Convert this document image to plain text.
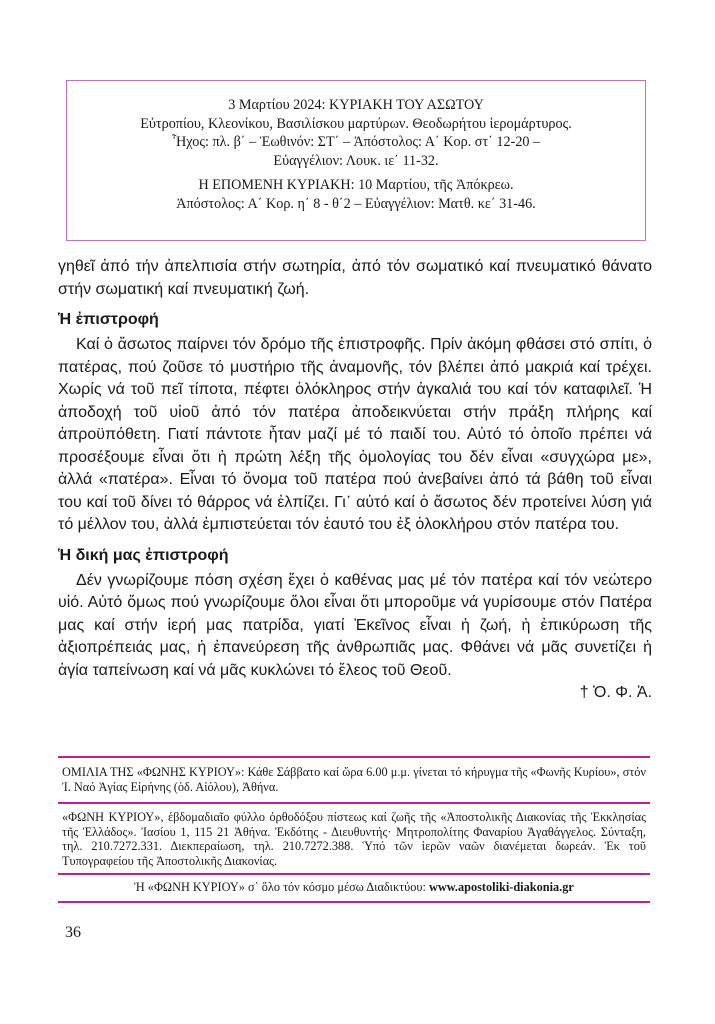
3 Μαρτίου 2024: ΚΥΡΙΑΚΗ ΤΟΥ ΑΣΩΤΟΥ
Εὐτροπίου, Κλεονίκου, Βασιλίσκου μαρτύρων. Θεοδωρήτου ἱερομάρτυρος.
Ἦχος: πλ. β΄ – Ἑωθινόν: ΣΤ΄ – Ἀπόστολος: Α΄ Κορ. στ΄ 12-20 –
Εὐαγγέλιον: Λουκ. ιε΄ 11-32.
Η ΕΠΟΜΕΝΗ ΚΥΡΙΑΚΗ: 10 Μαρτίου, τῆς Ἀπόκρεω.
Ἀπόστολος: Α΄ Κορ. η΄ 8 - θ΄2 – Εὐαγγέλιον: Ματθ. κε΄ 31-46.

γηθεῖ ἀπό τήν ἀπελπισία στήν σωτηρία, ἀπό τόν σωματικό καί πνευματικό θάνατο στήν σωματική καί πνευματική ζωή.

Ἡ ἐπιστροφή

Καί ὁ ἄσωτος παίρνει τόν δρόμο τῆς ἐπιστροφῆς. Πρίν ἀκόμη φθάσει στό σπίτι, ὁ πατέρας, πού ζοῦσε τό μυστήριο τῆς ἀναμονῆς, τόν βλέπει ἀπό μακριά καί τρέχει. Χωρίς νά τοῦ πεῖ τίποτα, πέφτει ὁλόκληρος στήν ἀγκαλιά του καί τόν καταφιλεῖ. Ἡ ἀποδοχή τοῦ υἱοῦ ἀπό τόν πατέρα ἀποδεικνύεται στήν πράξη πλήρης καί ἀπροϋπόθετη. Γιατί πάντοτε ἦταν μαζί μέ τό παιδί του. Αὐτό τό ὁποῖο πρέπει νά προσέξουμε εἶναι ὅτι ἡ πρώτη λέξη τῆς ὁμολογίας του δέν εἶναι «συγχώρα με», ἀλλά «πατέρα». Εἶναι τό ὄνομα τοῦ πατέρα πού ἀνεβαίνει ἀπό τά βάθη τοῦ εἶναι του καί τοῦ δίνει τό θάρρος νά ἐλπίζει. Γι᾽ αὐτό καί ὁ ἄσωτος δέν προτείνει λύση γιά τό μέλλον του, ἀλλά ἐμπιστεύεται τόν ἑαυτό του ἐξ ὁλοκλήρου στόν πατέρα του.

Ἡ δική μας ἐπιστροφή

Δέν γνωρίζουμε πόση σχέση ἔχει ὁ καθένας μας μέ τόν πατέρα καί τόν νεώτερο υἱό. Αὐτό ὅμως πού γνωρίζουμε ὅλοι εἶναι ὅτι μποροῦμε νά γυρίσουμε στόν Πατέρα μας καί στήν ἱερή μας πατρίδα, γιατί Ἐκεῖνος εἶναι ἡ ζωή, ἡ ἐπικύρωση τῆς ἀξιοπρέπειάς μας, ἡ ἐπανεύρεση τῆς ἀνθρωπιᾶς μας. Φθάνει νά μᾶς συνετίζει ἡ ἁγία ταπείνωση καί νά μᾶς κυκλώνει τό ἔλεος τοῦ Θεοῦ.

† Ὁ. Φ. Ἀ.

ΟΜΙΛΙΑ ΤΗΣ «ΦΩΝΗΣ ΚΥΡΙΟΥ»: Κάθε Σάββατο καί ὥρα 6.00 μ.μ. γίνεται τό κήρυγμα τῆς «Φωνῆς Κυρίου», στόν Ἰ. Ναό Ἁγίας Εἰρήνης (ὁδ. Αἰόλου), Ἀθήνα.
«ΦΩΝΗ ΚΥΡΙΟΥ», ἑβδομαδιαῖο φύλλο ὀρθοδόξου πίστεως καί ζωῆς τῆς «Ἀποστολικῆς Διακονίας τῆς Ἐκκλησίας τῆς Ἑλλάδος». Ἰασίου 1, 115 21 Ἀθήνα. Ἐκδότης - Διευθυντής· Μητροπολίτης Φαναρίου Ἀγαθάγγελος. Σύνταξη, τηλ. 210.7272.331. Διεκπεραίωση, τηλ. 210.7272.388. Ὑπό τῶν ἱερῶν ναῶν διανέμεται δωρεάν. Ἐκ τοῦ Τυπογραφείου τῆς Ἀποστολικῆς Διακονίας.
Ἡ «ΦΩΝΗ ΚΥΡΙΟΥ» σ᾽ ὅλο τόν κόσμο μέσω Διαδικτύου: www.apostoliki-diakonia.gr
36
